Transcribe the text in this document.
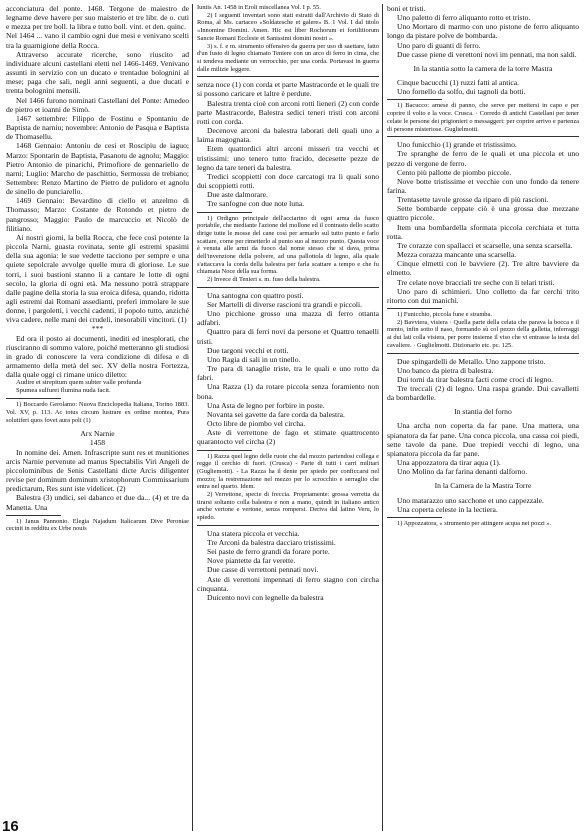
acconciatura del ponte. 1468. Tergone de maiestro de legname deve havere per suo maisterio et tre libr. de o. cuti e mezza per tre boll. la libra e tutto boll. vint. et den. quinc.

Nel 1464 ... vano il cambio ogni due mesi e venivano scelti tra la guarnigione della Rocca.

Attraverso accurate ricerche, sono riuscito ad individuare alcuni castellani eletti nel 1466-1469. Venivano assunti in servizio con un ducato e trentadue bolognini al mese; paga che sali, negli anni seguenti, a due ducati e trenta bolognini mensili.

Nel 1466 furono nominati Castellani del Ponte: Amedeo de pietro et ioanni de Simò.

1467 settembre: Filippo de Fostinu e Spontaniu de Baptista de narniu; novembre: Antonio de Pasqua e Baptista de Thomasellu.

1468 Gennaio: Antoniu de cesi et Roscipiu de iaguo; Marzo: Spontarin de Baptista, Pasanotu de agnolu; Maggio: Pietro Antonio de pinarichi, Primofiore de gennariello de narni; Luglio: Marcho de paschittio, Sermossu de trebiano; Settembre: Renzo Martino de Pietro de pulidoro et agnolu de sinello de punciarello.

1469 Gennaio: Bevardino di ciello et anzelmo di Thomasso; Marzo: Costante de Rotondo et pietro de pangrosso; Maggio: Paulo de marcuccio et Nicolò de filitiano.

Ai nostri giorni, la bella Rocca, che fece così potente la piccola Narni, guasta rovinata, sente gli estremi spasimi della sua agonia: le sue vedette tacciono per sempre e una quiete sepolcrale avvolge quelle mura di gloriose. Le sue torri, i suoi bastioni stanno lì a cantare le lotte di ogni secolo, la gloria di ogni età. Ma nessuno potrà strappare dalle pagine della storia la sua eroica difesa, quando, ridotta agli estremi dai Romani assedianti, preferì immolare le sue donne, i pargoletti, i vecchi cadenti, il popolo tutto, anziché viva cadere, nelle mani dei crudeli, inesorabili vincitori. (1)

***

Ed ora il posto ai documenti, inediti ed inesplorati, che riusciranno di sommo valore, poiché metteranno gli studiosi in grado di conoscere la vera condizione di difesa e di armamento della metà del sec. XV della nostra Fortezza, dalla quale oggi ci rimane unico diletto:

Audire et strepitum quem subter valle profunda

Spumea sulfurei flumina nuda facit.

1) Boccardo Gerolamo: Nuova Enciclopedia Italiana, Torino 1883. Vol. XV, p. 113. Ac totus circum lustrare ex ordine montea, Pura solutiferi quos fovet aura poli (1)

Arx Narnie

1458

In nomine dei. Amen. Infrascripte sunt res et munitiones arcis Narnie pervenute ad manus Spectabilis Viri Angeli de piccolominibus de Senis Castellani dicte Arcis diligenter revise per dominum dominum xristophorum Commissarium predictarum, Res sunt iste videlicet. (2)

Balestra (3) undici, sei dabanco et due da... (4) et tre da Manetta. Una

1) Janus Pannonio. Elegia Najadum Italicarum Dive Peroniae cecinit in redditu ex Urbe nouis

Iuniis An. 1458 in Eroli miscellanea Vol. I p. 55.

2) I seguenti inventari sono stati estratti dall'Archivio di Stato di Roma, al Ms. cartaceo «Soldatesche et galere» B. 1 Vol. I dal titolo «Innomine Domini. Amen. Hic est liber Rochorum et fortilitiorum Sancte Romani Ecclesie et Sanissimi domini nostri ».

3) s. f. e m. strumento offensivo da guerra per uso di saettare, fatto d'un fusto di legno chiamato Teniere con un arco di ferro in cima, che si tendeva mediante un verrocchio, per una corda. Portavasi in guerra dalle milizie leggere.

senza noce (1) con corda et parte Mastracorde et le quali tre si possono caricare et laltre è perdute.

Balestra trenta cioè con arconi rotti lieneri (2) con corde parte Mastracorde, Balestra sedici teneri tristi con arconi rotti con corda.

Decenove arconi da balestra laborati deli quali uno a laima magognata.

Etem quattordici altri arconi misseri tra vecchi et tristissimi: uno tenero tutto fracido, decesette pezze de legno da tare teneri da balestra.

Tredici scoppietti con doce carcatogi tra li quali sono dui scoppietti rotti.

Due aste dalmorare.

Tre sanfogne con due note luna.

1) Ordigno principale dell'acciarino di ogni arma da fuoco portabile, che mediante l'azione del mollone ed il contrasto dello scatto dirige tutte le mosse del cane così per armarlo sul tutto punto e farlo scattare, come per rimetterlo al punto suo al mezzo punto. Questa voce è venuta alle armi da fuoco dal nome stesso che si dava, prima dell'invenzione della polvere, ad una pallottola di legno, alla quale s'attaccava la corda della balestra per farla scattare a tempo e che fu chiamata Noce della sua forma.

2) Invece di Tenieri s. m. fuso della balestra.

Una santogna con quattro posti.

Ser Martelli di diverse rascioni tra grandi e piccoli.

Uno picchione grosso una mazza di ferro ottanta adfabri.

Quattro para di ferri novi da persone et Quattro tenaelli tristi.

Due targoni vecchi et rotti.

Uno Ragia di sali in un tinello.

Tre para di tanaglie triste, tra le quali e uno rotto da fabri.

Una Razza (1) da rotare piccola senza foramiento non bona.

Una Asta de legno per forbire in poste.

Novanta sei gavette da fare corda da balestra.

Octo libre de piombo vel circha.

Aste di verrettone de fago et stimate quattrocento quarantocto vel circha (2)

1) Razza quel legno delle ruote che dal mozzo partendosi collega e regge il cerchio di fuori. (Crusca) - Parte di tutti i carri militari (Gugliemotti). - La Razza ha il dente per spiedo per conficcarsi nel mozzo; la restremazione nel mezzo per lo scrocchio e serraglio che entra nel quarto. Idem.

2) Verrettone, specie di freccia. Propriamente: grossa verretta da tirarsi soltanto colla balestra e non a mano, quindi in italiano antico anche vertone e vertone, senza rompersi. Deriva dal latino Veru, lo spiedo.

Una statera piccola et vecchia.

Tre Arconi da balestra dacciaro tristissimi.

Sei paste de ferro grandi da forare porte.

Nove piantette da far verette.

Due casse di verrettoni pennati novi.

Aste di verettoni impennati di ferro stagno con circha cinquanta.

Duicento novi con legnelle da balestra

boni et tristi.

Uno paletto di ferro aliquanto rotto et tristo.

Uno Mortaro di marmo con uno pistone de ferro aliquanto longo da pistare polve de bombarda.

Uno paro di guanti di ferro.

Due casse piene di verettoni novi im pennati, ma non saldi.

In la stantia sotto la camera de la torre Mastra

Cinque bacucchi (1) ruzzi fatti al antica.

Uno fornello da solfo, dui tagnoli da botti.

1) Bacucco: arnese di panno, che serve per mettersi in capo e per coprire il volto e la voce. Crusca. · Corredo di antichi Castellani per tener celate le persone dei prigionieri o messaggeri: per coprire arrivo e partenza di persone misteriose. Guglielmotti.

Uno funicchio (1) grande et tristissimo.

Tre spranghe de ferro de le quali et una piccola et uno pezzo di vergone de ferro.

Cento più pallotte de piombo piccole.

Nove botte tristissime et vecchie con uno fondo da tenere farina.

Trentasette tavole grosse da riparo di più rascioni.

Sette bombarde ceppate ciò è una grossa due mezzane quattro piccole.

Item una bombardella sformata piccola cerchiata et tutta rotta.

Tre corazze con spallacci et scarselle, una senza scarsella.

Mezza corazza mancante una scarsella.

Cinque elmetti con le bavviere (2). Tre altre bavviere da elmetto.

Tre celate nove bracciali tre seche con li telari tristi.

Uno paro di schimieri. Uno colletto da far cerchi trito ritorto con dui manichi.

1) Funicchio, piccola fune e stramba.

2) Bavviera, visiera · Quella parte della celata che parava la bocca e il mento, infin sotto il naso, formando sù col pezzo della galletta, inferraggi ai dui lati colla visiera, per porre insieme il viso che vi entrasse la testa del cavaliere. · Guglielmotti. Dizionario etc. pc. 125.

Due spingardelli de Metallo. Uno zappone tristo.

Uno banco da pietra di balestra.

Dui torni da tirar balestra facti come croci di legno.

Tre treccali (2) di legno. Una raspa grande. Dui cavalletti da bombardelle.

In stantia del forno

Una archa non coperta da far pane. Una mattera, una spianatora da far pane. Una conca piccola, una cassa coi piedi, sette tavole da pane. Due trepiedi vecchi di legno, una spianatora piccola da far pane.

Una appozzatora da tirar aqua (1).

Uno Molino da far farina denanti dalforno.

In la Camera de la Mastra Torre

Uno matarazzo uno sacchone et uno cappezzale.

Una coperta celeste in la lectiera.

1) Appozzatora, « strumento per attingere acqua nei pozzi ».

16
